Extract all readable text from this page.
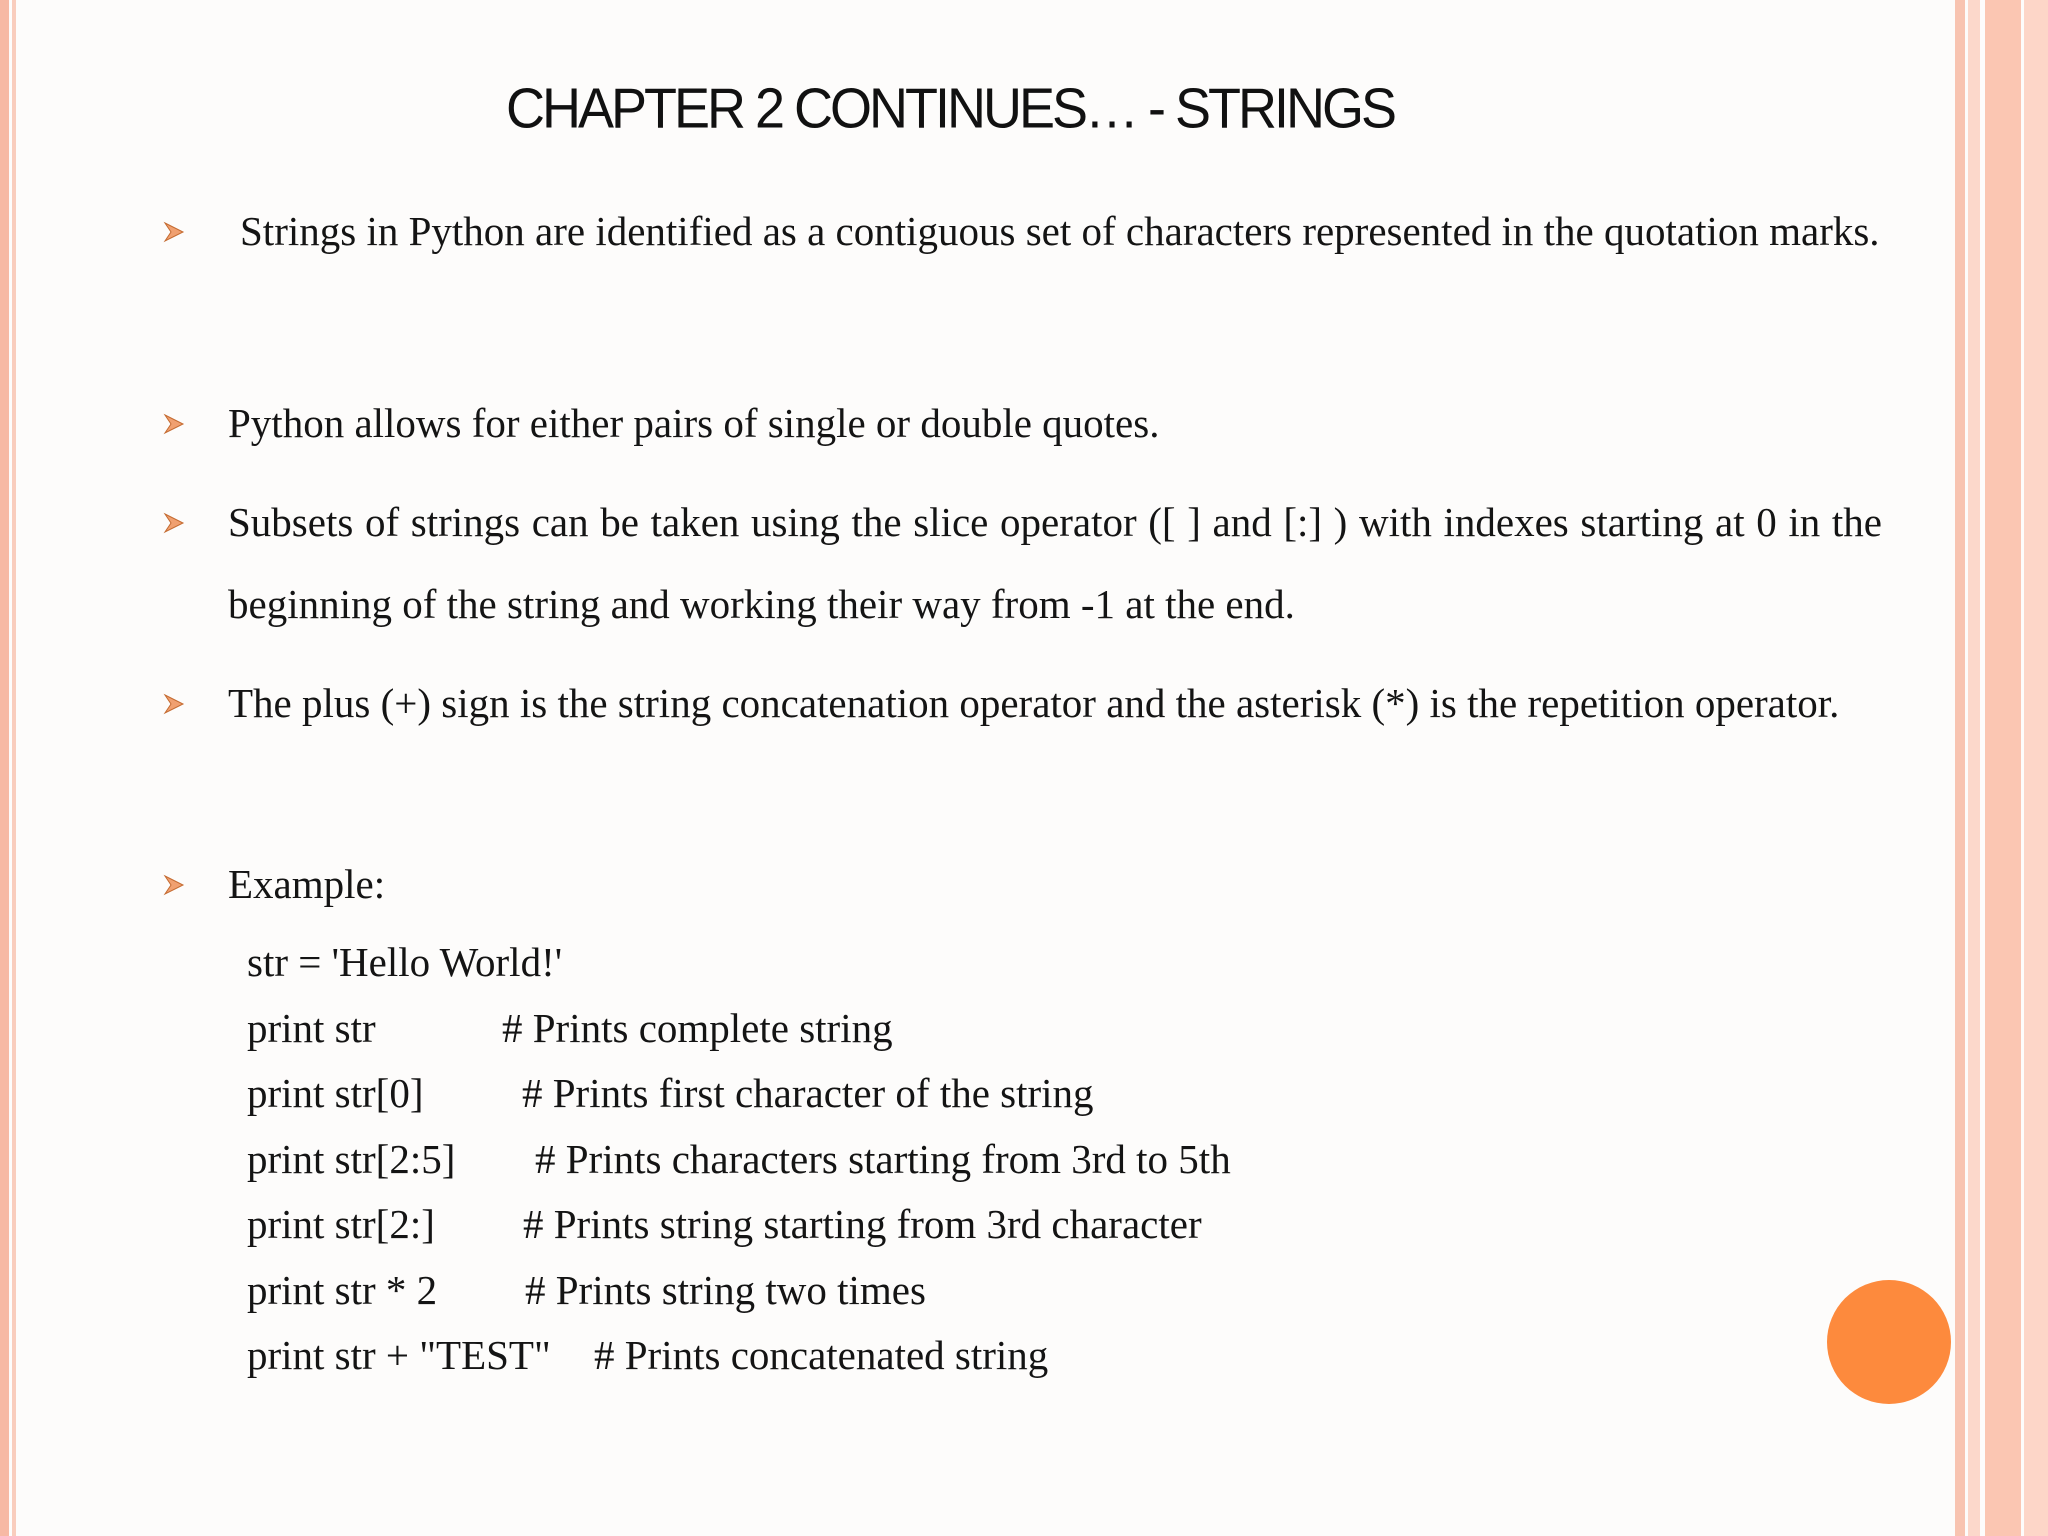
CHAPTER 2 CONTINUES… - STRINGS

Strings in Python are identified as a contiguous set of characters represented in the quotation marks.

Python allows for either pairs of single or double quotes.

Subsets of strings can be taken using the slice operator ([ ] and [:] ) with indexes starting at 0 in the beginning of the string and working their way from -1 at the end.

The plus (+) sign is the string concatenation operator and the asterisk (*) is the repetition operator.

Example:

str = 'Hello World!'

print str

	# Prints complete string

print str[0]

# Prints first character of the string

print str[2:5]

# Prints characters starting from 3rd to 5th

print str[2:]

# Prints string starting from 3rd character

print str * 2

# Prints string two times

print str + "TEST"

# Prints concatenated string
